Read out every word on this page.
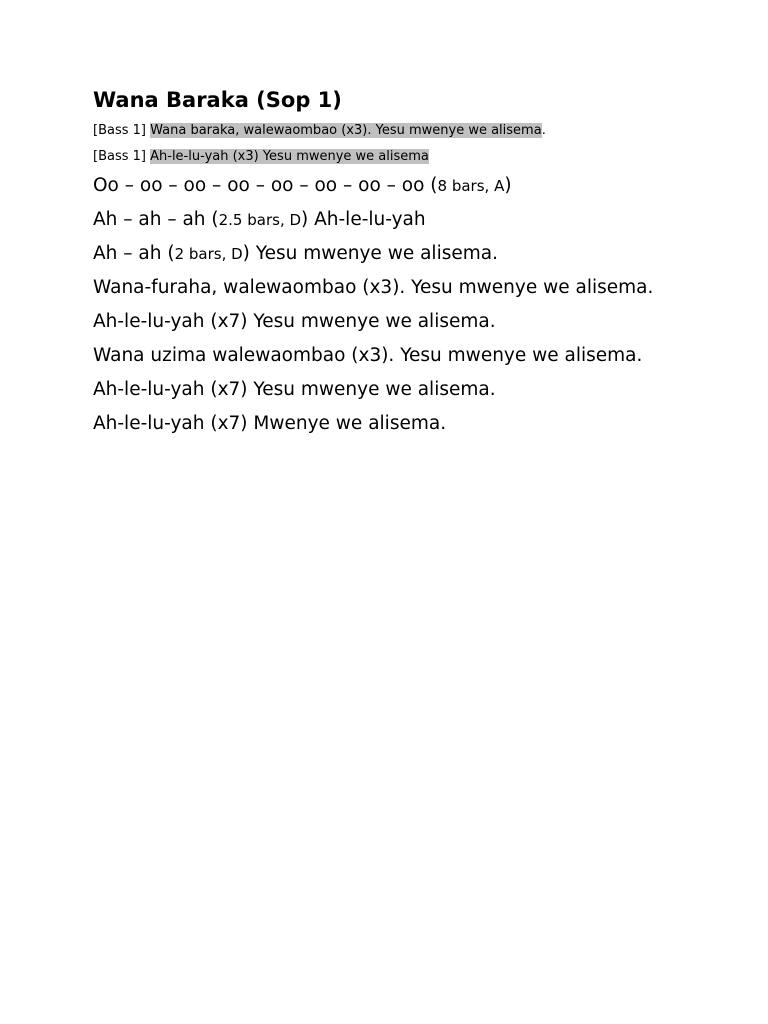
Wana Baraka (Sop 1)
[Bass 1] Wana baraka, walewaombao (x3). Yesu mwenye we alisema.
[Bass 1] Ah-le-lu-yah (x3) Yesu mwenye we alisema
Oo – oo – oo – oo – oo – oo – oo – oo (8 bars, A)
Ah – ah – ah (2.5 bars, D) Ah-le-lu-yah
Ah – ah (2 bars, D) Yesu mwenye we alisema.
Wana-furaha, walewaombao (x3). Yesu mwenye we alisema.
Ah-le-lu-yah (x7) Yesu mwenye we alisema.
Wana uzima walewaombao (x3). Yesu mwenye we alisema.
Ah-le-lu-yah (x7) Yesu mwenye we alisema.
Ah-le-lu-yah (x7) Mwenye we alisema.
